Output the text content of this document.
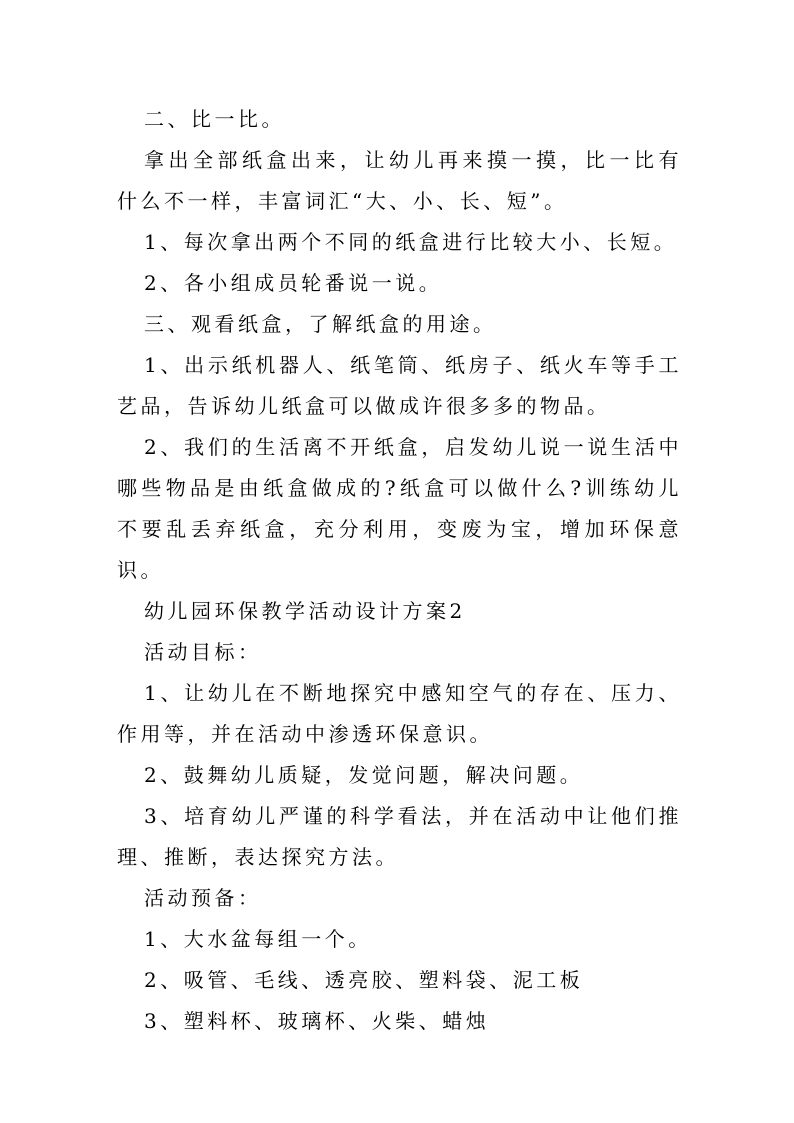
二、比一比。

拿出全部纸盒出来，让幼儿再来摸一摸，比一比有什么不一样，丰富词汇“大、小、长、短”。

1、每次拿出两个不同的纸盒进行比较大小、长短。

2、各小组成员轮番说一说。

三、观看纸盒，了解纸盒的用途。

1、出示纸机器人、纸笔筒、纸房子、纸火车等手工艺品，告诉幼儿纸盒可以做成许很多多的物品。

2、我们的生活离不开纸盒，启发幼儿说一说生活中哪些物品是由纸盒做成的?纸盒可以做什么?训练幼儿不要乱丢弃纸盒，充分利用，变废为宝，增加环保意识。

幼儿园环保教学活动设计方案2

活动目标：

1、让幼儿在不断地探究中感知空气的存在、压力、作用等，并在活动中渗透环保意识。

2、鼓舞幼儿质疑，发觉问题，解决问题。

3、培育幼儿严谨的科学看法，并在活动中让他们推理、推断，表达探究方法。

活动预备：

1、大水盆每组一个。

2、吸管、毛线、透亮胶、塑料袋、泥工板

3、塑料杯、玻璃杯、火柴、蜡烛
